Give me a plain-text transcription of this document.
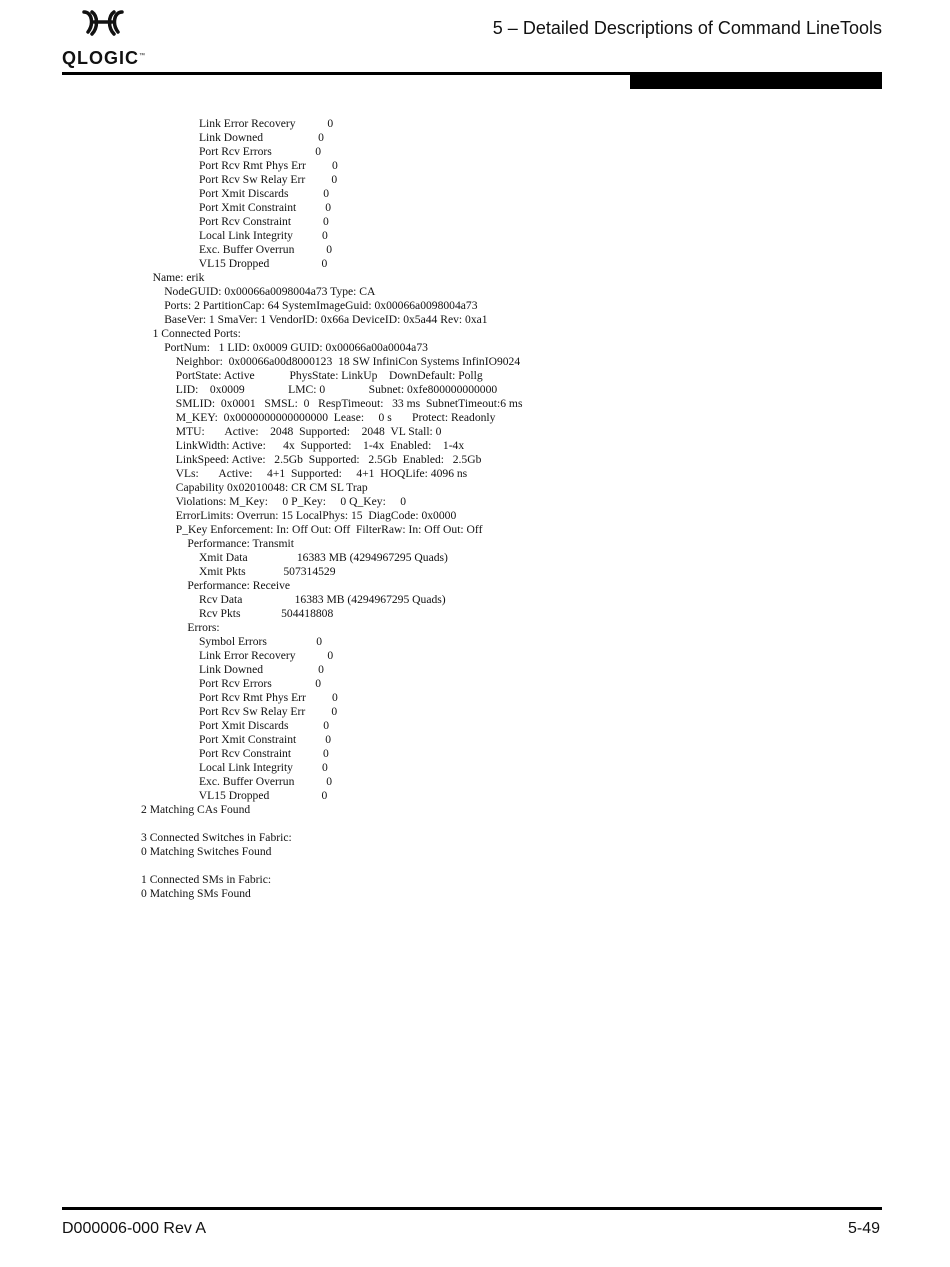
QLOGIC™
5 – Detailed Descriptions of Command LineTools
Link Error Recovery           0
Link Downed                   0
Port Rcv Errors               0
Port Rcv Rmt Phys Err         0
Port Rcv Sw Relay Err         0
Port Xmit Discards            0
Port Xmit Constraint          0
Port Rcv Constraint           0
Local Link Integrity          0
Exc. Buffer Overrun           0
VL15 Dropped                  0
Name: erik
NodeGUID: 0x00066a0098004a73 Type: CA
Ports: 2 PartitionCap: 64 SystemImageGuid: 0x00066a0098004a73
BaseVer: 1 SmaVer: 1 VendorID: 0x66a DeviceID: 0x5a44 Rev: 0xa1
1 Connected Ports:
PortNum:   1 LID: 0x0009 GUID: 0x00066a00a0004a73
Neighbor:  0x00066a00d8000123  18 SW InfiniCon Systems InfinIO9024
PortState: Active            PhysState: LinkUp    DownDefault: Pollg
LID:    0x0009               LMC: 0               Subnet: 0xfe800000000000
SMLID:  0x0001   SMSL:  0   RespTimeout:   33 ms  SubnetTimeout:6 ms
M_KEY:  0x0000000000000000  Lease:     0 s       Protect: Readonly
MTU:       Active:    2048  Supported:    2048  VL Stall: 0
LinkWidth: Active:      4x  Supported:    1-4x  Enabled:    1-4x
LinkSpeed: Active:   2.5Gb  Supported:   2.5Gb  Enabled:   2.5Gb
VLs:       Active:     4+1  Supported:     4+1  HOQLife: 4096 ns
Capability 0x02010048: CR CM SL Trap
Violations: M_Key:     0 P_Key:     0 Q_Key:     0
ErrorLimits: Overrun: 15 LocalPhys: 15  DiagCode: 0x0000
P_Key Enforcement: In: Off Out: Off  FilterRaw: In: Off Out: Off
Performance: Transmit
Xmit Data                 16383 MB (4294967295 Quads)
Xmit Pkts             507314529
Performance: Receive
Rcv Data                  16383 MB (4294967295 Quads)
Rcv Pkts              504418808
Errors:
Symbol Errors                 0
Link Error Recovery           0
Link Downed                   0
Port Rcv Errors               0
Port Rcv Rmt Phys Err         0
Port Rcv Sw Relay Err         0
Port Xmit Discards            0
Port Xmit Constraint          0
Port Rcv Constraint           0
Local Link Integrity          0
Exc. Buffer Overrun           0
VL15 Dropped                  0
2 Matching CAs Found
3 Connected Switches in Fabric:
0 Matching Switches Found
1 Connected SMs in Fabric:
0 Matching SMs Found
D000006-000 Rev A	5-49
